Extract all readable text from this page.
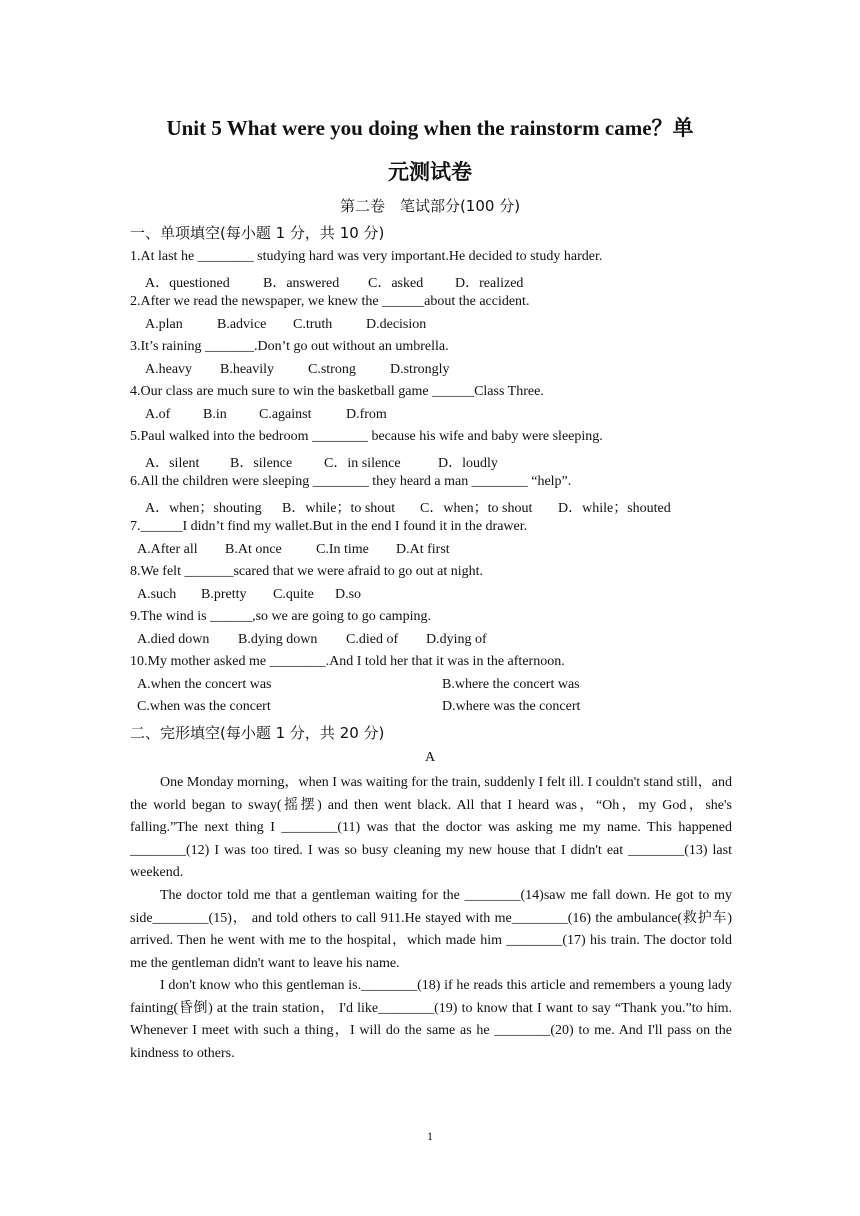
Unit 5 What were you doing when the rainstorm came？单
元测试卷
第二卷　笔试部分(100 分)
一、单项填空(每小题 1 分，共 10 分)
1.At last he ________ studying hard was very important.He decided to study harder.
A．questioned B．answered C．asked D．realized
2.After we read the newspaper, we knew the ______about the accident.
A.plan B.advice C.truth D.decision
3.It’s raining _______.Don’t go out without an umbrella.
A.heavy B.heavily C.strong D.strongly
4.Our class are much sure to win the basketball game ______Class Three.
A.of B.in C.against D.from
5.Paul walked into the bedroom ________ because his wife and baby were sleeping.
A．silent B．silence C．in silence	D．loudly
6.All the children were sleeping ________ they heard a man ________ “help”.
A．when；shouting B．while；to shout C．when；to shout D．while；shouted
7.______I didn’t find my wallet.But in the end I found it in the drawer.
A.After all B.At once C.In time D.At first
8.We felt _______scared that we were afraid to go out at night.
A.such B.pretty C.quite D.so
9.The wind is ______,so we are going to go camping.
A.died down B.dying down C.died of D.dying of
10.My mother asked me ________.And I told her that it was in the afternoon.
A.when the concert was	B.where the concert was
C.when was the concert	D.where was the concert
二、完形填空(每小题 1 分，共 20 分)
A

One Monday morning，when I was waiting for the train, suddenly I felt ill. I couldn't stand still，and the world began to sway(摇摆) and then went black. All that I heard was，“Oh，my God，she's falling.”The next thing I ________(11) was that the doctor was asking me my name. This happened ________(12) I was too tired. I was so busy cleaning my new house that I didn't eat ________(13) last weekend.

The doctor told me that a gentleman waiting for the ________(14)saw me fall down. He got to my side________(15)， and told others to call 911.He stayed with me________(16) the ambulance(救护车) arrived. Then he went with me to the hospital，which made him ________(17) his train. The doctor told me the gentleman didn't want to leave his name.

I don't know who this gentleman is.________(18) if he reads this article and remembers a young lady fainting(昏倒) at the train station， I'd like________(19) to know that I want to say “Thank you.”to him. Whenever I meet with such a thing，I will do the same as he ________(20) to me. And I'll pass on the kindness to others.

1
